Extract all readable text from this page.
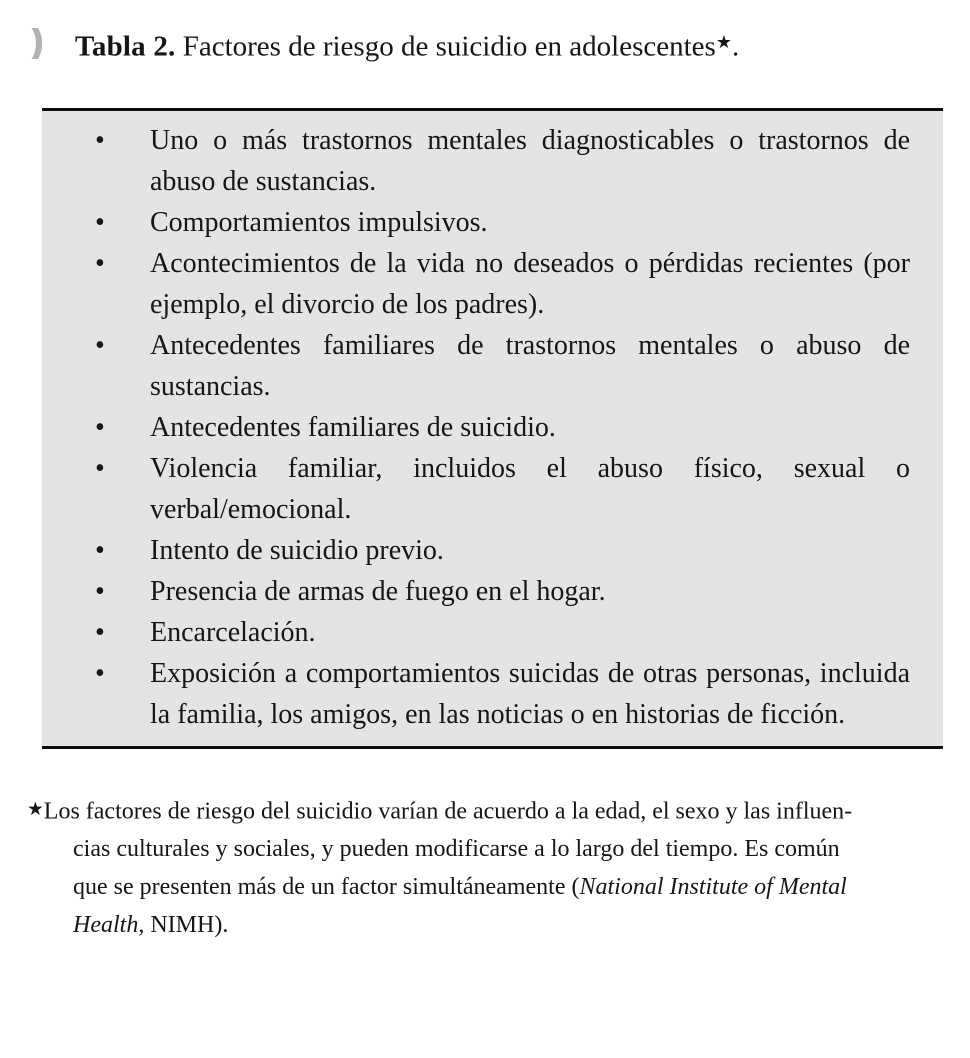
Tabla 2. Factores de riesgo de suicidio en adolescentes★.

•	Uno o más trastornos mentales diagnosticables o trastornos de abuso de sustancias.
•	Comportamientos impulsivos.
•	Acontecimientos de la vida no deseados o pérdidas recientes (por ejemplo, el divorcio de los padres).
•	Antecedentes familiares de trastornos mentales o abuso de sustancias.
•	Antecedentes familiares de suicidio.
•	Violencia familiar, incluidos el abuso físico, sexual o verbal/emocional.
•	Intento de suicidio previo.
•	Presencia de armas de fuego en el hogar.
•	Encarcelación.
•	Exposición a comportamientos suicidas de otras personas, incluida la familia, los amigos, en las noticias o en historias de ficción.
★Los factores de riesgo del suicidio varían de acuerdo a la edad, el sexo y las influen-
cias culturales y sociales, y pueden modificarse a lo largo del tiempo. Es común
que se presenten más de un factor simultáneamente (National Institute of Mental
Health, NIMH).
